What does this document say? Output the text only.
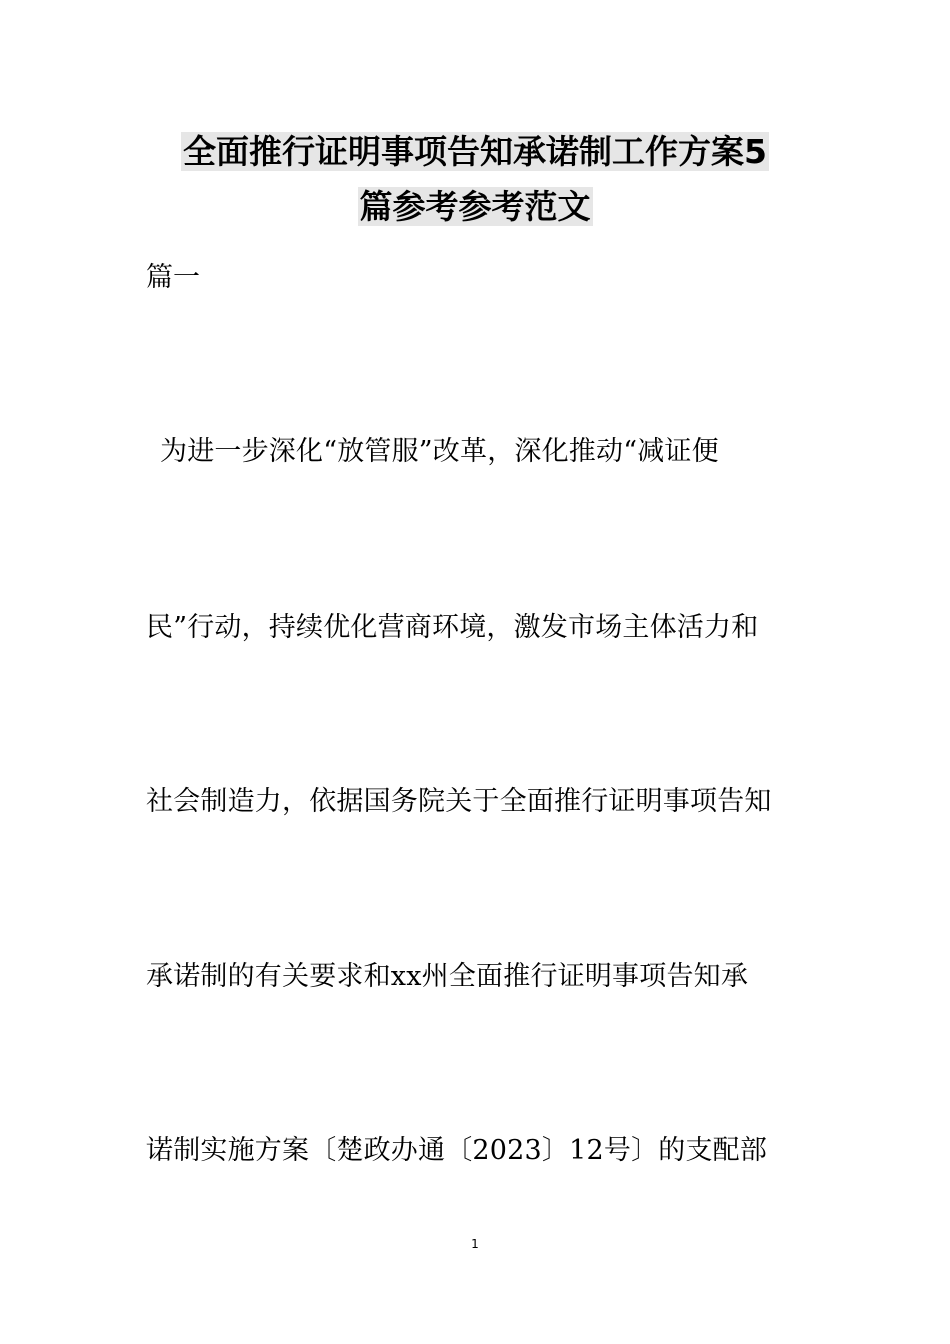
全面推行证明事项告知承诺制工作方案5
篇参考参考范文
篇一
为进一步深化“放管服”改革，深化推动“减证便
民”行动，持续优化营商环境，激发市场主体活力和
社会制造力，依据国务院关于全面推行证明事项告知
承诺制的有关要求和xx州全面推行证明事项告知承
诺制实施方案〔楚政办通〔2023〕12号〕的支配部
1
